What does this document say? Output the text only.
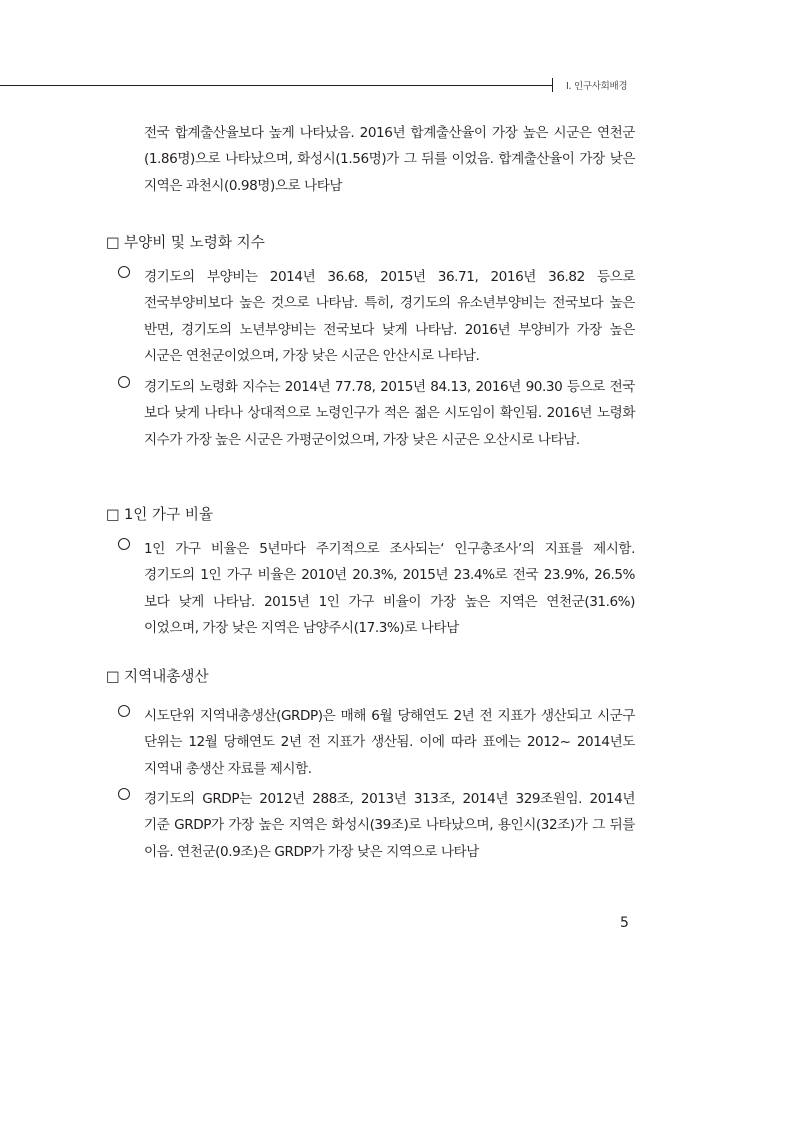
Ⅰ. 인구사회배경

전국 합계출산율보다 높게 나타났음. 2016년 합계출산율이 가장 높은 시군은 연천군(1.86명)으로 나타났으며, 화성시(1.56명)가 그 뒤를 이었음. 합계출산율이 가장 낮은 지역은 과천시(0.98명)으로 나타남

□ 부양비 및 노령화 지수

경기도의 부양비는 2014년 36.68, 2015년 36.71, 2016년 36.82 등으로 전국부양비보다 높은 것으로 나타남. 특히, 경기도의 유소년부양비는 전국보다 높은 반면, 경기도의 노년부양비는 전국보다 낮게 나타남. 2016년 부양비가 가장 높은 시군은 연천군이었으며, 가장 낮은 시군은 안산시로 나타남.

경기도의 노령화 지수는 2014년 77.78, 2015년 84.13, 2016년 90.30 등으로 전국 보다 낮게 나타나 상대적으로 노령인구가 적은 젊은 시도임이 확인됨. 2016년 노령화 지수가 가장 높은 시군은 가평군이었으며, 가장 낮은 시군은 오산시로 나타남.

□ 1인 가구 비율

1인 가구 비율은 5년마다 주기적으로 조사되는‘ 인구총조사’의 지표를 제시함. 경기도의 1인 가구 비율은 2010년 20.3%, 2015년 23.4%로 전국 23.9%, 26.5%보다 낮게 나타남. 2015년 1인 가구 비율이 가장 높은 지역은 연천군(31.6%)이었으며, 가장 낮은 지역은 남양주시(17.3%)로 나타남

□ 지역내총생산

시도단위 지역내총생산(GRDP)은 매해 6월 당해연도 2년 전 지표가 생산되고 시군구 단위는 12월 당해연도 2년 전 지표가 생산됨. 이에 따라 표에는 2012~ 2014년도 지역내 총생산 자료를 제시함.

경기도의 GRDP는 2012년 288조, 2013년 313조, 2014년 329조원임. 2014년 기준 GRDP가 가장 높은 지역은 화성시(39조)로 나타났으며, 용인시(32조)가 그 뒤를 이음. 연천군(0.9조)은 GRDP가 가장 낮은 지역으로 나타남

5
